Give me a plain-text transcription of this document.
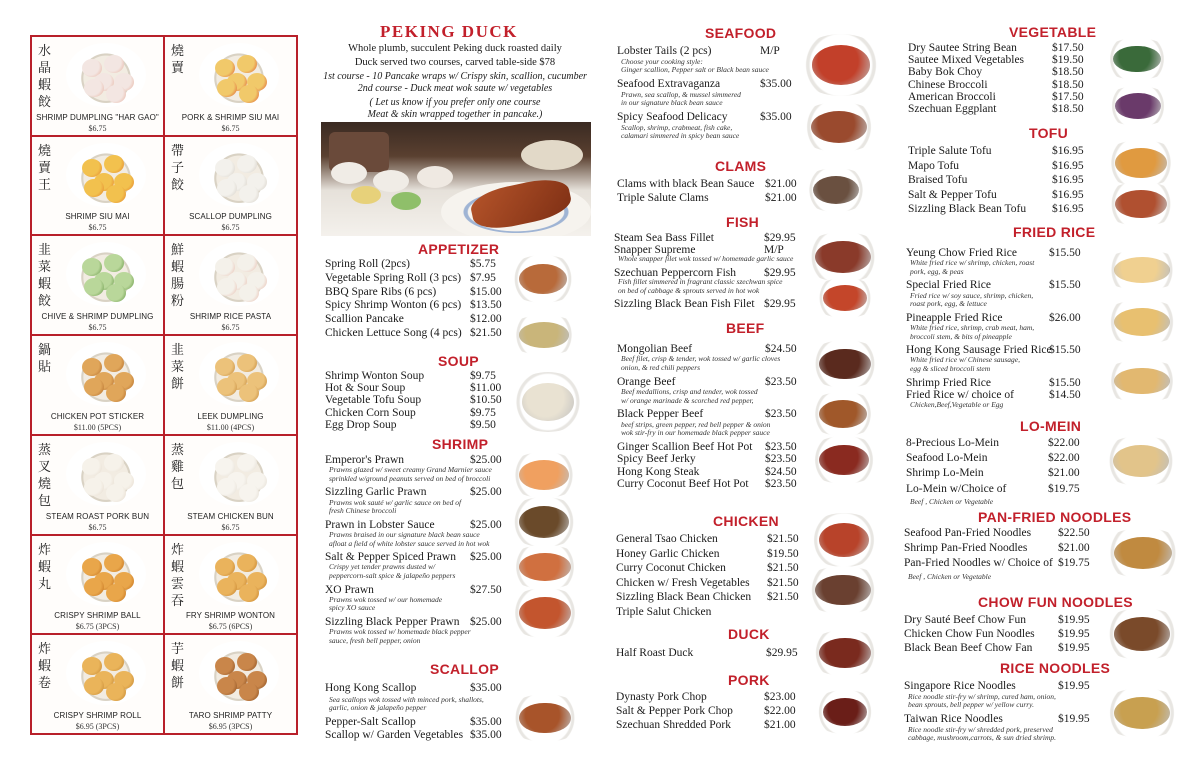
水晶蝦餃
SHRIMP DUMPLING "HAR GAO"
$6.75
燒賣
PORK & SHRIMP SIU MAI
$6.75
燒賣王
SHRIMP SIU MAI
$6.75
帶子餃
SCALLOP DUMPLING
$6.75
韭菜蝦餃
CHIVE & SHRIMP DUMPLING
$6.75
鮮蝦腸粉
SHRIMP RICE PASTA
$6.75
鍋貼
CHICKEN POT STICKER
$11.00 (5PCS)
韭菜餅
LEEK DUMPLING
$11.00 (4PCS)
蒸叉燒包
STEAM ROAST PORK BUN
$6.75
蒸雞包
STEAM CHICKEN BUN
$6.75
炸蝦丸
CRISPY SHRIMP BALL
$6.75 (3PCS)
炸蝦雲吞
FRY SHRIMP WONTON
$6.75 (6PCS)
炸蝦卷
CRISPY SHRIMP ROLL
$6.95 (3PCS)
芋蝦餅
TARO SHRIMP PATTY
$6.95 (3PCS)
PEKING DUCK
Whole plumb, succulent Peking duck roasted daily
Duck served two courses, carved table-side $78
1st course - 10 Pancake wraps w/ Crispy skin, scallion, cucumber
2nd course - Duck meat wok saute w/ vegetables
( Let us know if you prefer only one course
Meat & skin wrapped together in pancake.)
APPETIZER
Spring Roll (2pcs)	$5.75
Vegetable Spring Roll (3 pcs) $7.95
BBQ Spare Ribs (6 pcs)	$15.00
Spicy Shrimp Wonton (6 pcs) $13.50
Scallion Pancake	$12.00
Chicken Lettuce Song (4 pcs) $21.50
SOUP
Shrimp Wonton Soup	$9.75
Hot & Sour Soup	$11.00
Vegetable Tofu Soup	$10.50
Chicken Corn Soup	$9.75
Egg Drop Soup	$9.50
SHRIMP
Emperor's Prawn	$25.00
Prawns glazed w/ sweet creamy Grand Marnier sauce
sprinkled w/ground peanuts served on bed of broccoli
Sizzling Garlic Prawn	$25.00
Prawns wok sauté w/ garlic sauce on bed of
fresh Chinese broccoli
Prawn in Lobster Sauce	$25.00
Prawns braised in our signature black bean sauce
afloat a field of white lobster sauce served in hot wok
Salt & Pepper Spiced Prawn $25.00
Crispy yet tender prawns dusted w/
peppercorn-salt spice & jalapeño peppers
XO Prawn	$27.50
Prawns wok tossed w/ our homemade
spicy XO sauce
Sizzling Black Pepper Prawn $25.00
Prawns wok tossed w/ homemade black pepper
sauce, fresh bell pepper, onion
SCALLOP
Hong Kong Scallop	$35.00
Sea scallops wok tossed with minced pork, shallots,
garlic, onion & jalapeño pepper
Pepper-Salt Scallop	$35.00
Scallop w/ Garden Vegetables $35.00
SEAFOOD
Lobster Tails (2 pcs)	M/P
Choose your cooking style:
Ginger scallion, Pepper salt or Black bean sauce
Seafood Extravaganza	$35.00
Prawn, sea scallop, & mussel simmered
in our signature black bean sauce
Spicy Seafood Delicacy	$35.00
Scallop, shrimp, crabmeat, fish cake,
calamari simmered in spicy bean sauce
CLAMS
Clams with black Bean Sauce $21.00
Triple Salute Clams	$21.00
FISH
Steam Sea Bass Fillet	$29.95
Snapper Supreme	M/P
Whole snapper filet wok tossed w/ homemade garlic sauce
Szechuan Peppercorn Fish $29.95
Fish fillet simmered in fragrant classic szechwan spice
on bed of cabbage & sprouts served in hot wok
Sizzling Black Bean Fish Filet $29.95
BEEF
Mongolian Beef	$24.50
Beef filet, crisp & tender, wok tossed w/ garlic cloves
onion, & red chili peppers
Orange Beef	$23.50
Beef medallions, crisp and tender, wok tossed
w/ orange marinade & scorched red pepper,
Black Pepper Beef	$23.50
beef strips, green pepper, red bell pepper & onion
wok stir-fry in our homemade black pepper sauce
Ginger Scallion Beef Hot Pot $23.50
Spicy Beef Jerky	$23.50
Hong Kong Steak	$24.50
Curry Coconut Beef Hot Pot $23.50
CHICKEN
General Tsao Chicken	$21.50
Honey Garlic Chicken	$19.50
Curry Coconut Chicken	$21.50
Chicken w/ Fresh Vegetables $21.50
Sizzling Black Bean Chicken $21.50
Triple Salut Chicken
DUCK
Half Roast Duck	$29.95
PORK
Dynasty Pork Chop	$23.00
Salt & Pepper Pork Chop	$22.00
Szechuan Shredded Pork	$21.00
VEGETABLE
Dry Sautee String Bean	$17.50
Sautee Mixed Vegetables $19.50
Baby Bok Choy	$18.50
Chinese Broccoli	$18.50
American Broccoli	$17.50
Szechuan Eggplant	$18.50
TOFU
Triple Salute Tofu	$16.95
Mapo Tofu	$16.95
Braised Tofu	$16.95
Salt & Pepper Tofu	$16.95
Sizzling Black Bean Tofu $16.95
FRIED RICE
Yeung Chow Fried Rice	$15.50
White fried rice w/ shrimp, chicken, roast
pork, egg, & peas
Special Fried Rice	$15.50
Fried rice w/ soy sauce, shrimp, chicken,
roast pork, egg, & lettuce
Pineapple Fried Rice	$26.00
White fried rice, shrimp, crab meat, ham,
broccoli stem, & bits of pineapple
Hong Kong Sausage Fried Rice
$15.50
White fried rice w/ Chinese sausage,
egg & sliced broccoli stem
Shrimp Fried Rice	$15.50
Fried Rice w/ choice of	$14.50
Chicken,Beef,Vegetable or Egg
LO-MEIN
8-Precious Lo-Mein	$22.00
Seafood Lo-Mein	$22.00
Shrimp Lo-Mein	$21.00
Lo-Mein w/Choice of	$19.75
Beef , Chicken or Vegetable
PAN-FRIED NOODLES
Seafood Pan-Fried Noodles $22.50
Shrimp Pan-Fried Noodles	$21.00
Pan-Fried Noodles w/ Choice of $19.75
Beef , Chicken or Vegetable
CHOW FUN NOODLES
Dry Sauté Beef Chow Fun	$19.95
Chicken Chow Fun Noodles $19.95
Black Bean Beef Chow Fan $19.95
RICE NOODLES
Singapore Rice Noodles	$19.95
Rice noodle stir-fry w/ shrimp, cured ham, onion,
bean sprouts, bell pepper w/ yellow curry.
Taiwan Rice Noodles	$19.95
Rice noodle stir-fry w/ shredded pork, preserved
cabbage, mushroom,carrots, & sun dried shrimp.
